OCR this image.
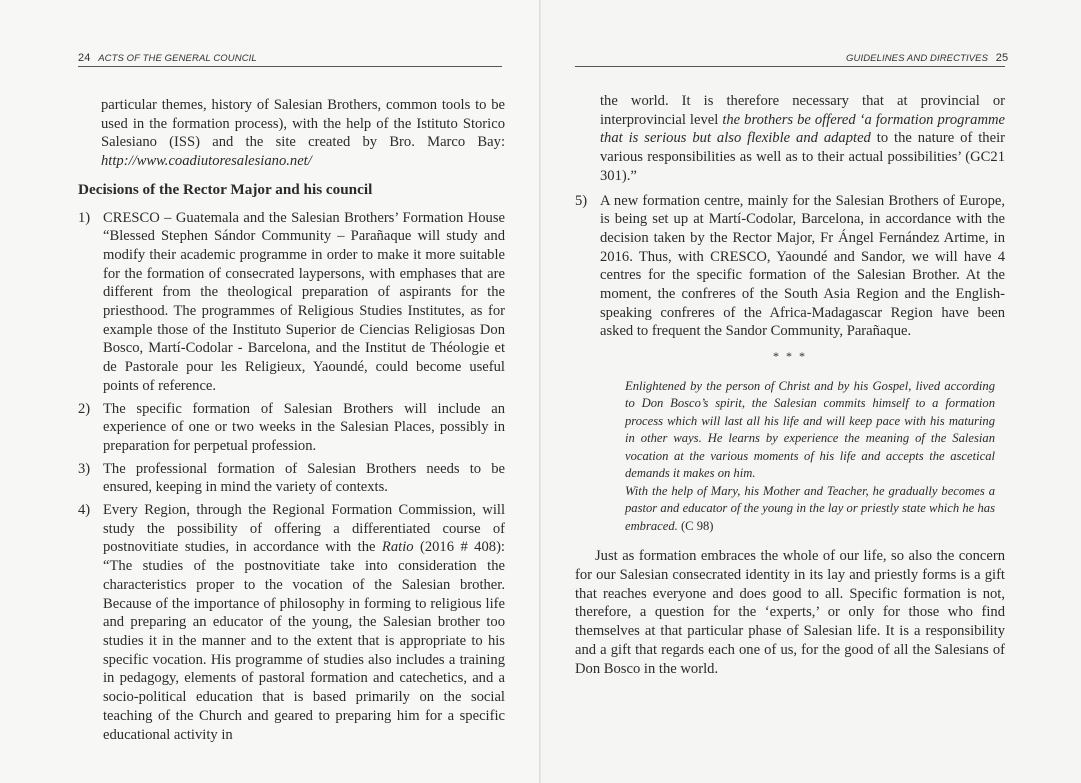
24 ACTS OF THE GENERAL COUNCIL

particular themes, history of Salesian Brothers, common tools to be used in the formation process), with the help of the Istituto Storico Salesiano (ISS) and the site created by Bro. Marco Bay: http://www.coadiutoresalesiano.net/

Decisions of the Rector Major and his council
1) CRESCO – Guatemala and the Salesian Brothers’ Formation House “Blessed Stephen Sándor Community – Parañaque will study and modify their academic programme in order to make it more suitable for the formation of consecrated laypersons, with emphases that are different from the theological preparation of aspirants for the priesthood. The programmes of Religious Studies Institutes, as for example those of the Instituto Superior de Ciencias Religiosas Don Bosco, Martí-Codolar - Barcelona, and the Institut de Théologie et de Pastorale pour les Religieux, Yaoundé, could become useful points of reference.
2) The specific formation of Salesian Brothers will include an experience of one or two weeks in the Salesian Places, possibly in preparation for perpetual profession.
3) The professional formation of Salesian Brothers needs to be ensured, keeping in mind the variety of contexts.
4) Every Region, through the Regional Formation Commission, will study the possibility of offering a differentiated course of postnovitiate studies, in accordance with the Ratio (2016 # 408): “The studies of the postnovitiate take into consideration the characteristics proper to the vocation of the Salesian brother. Because of the importance of philosophy in forming to religious life and preparing an educator of the young, the Salesian brother too studies it in the manner and to the extent that is appropriate to his specific vocation. His programme of studies also includes a training in pedagogy, elements of pastoral formation and catechetics, and a socio-political education that is based primarily on the social teaching of the Church and geared to preparing him for a specific educational activity in
GUIDELINES AND DIRECTIVES 25

the world. It is therefore necessary that at provincial or interprovincial level the brothers be offered ‘a formation programme that is serious but also flexible and adapted to the nature of their various responsibilities as well as to their actual possibilities’ (GC21 301).”

5) A new formation centre, mainly for the Salesian Brothers of Europe, is being set up at Martí-Codolar, Barcelona, in accordance with the decision taken by the Rector Major, Fr Ángel Fernández Artime, in 2016. Thus, with CRESCO, Yaoundé and Sandor, we will have 4 centres for the specific formation of the Salesian Brother. At the moment, the confreres of the South Asia Region and the English-speaking confreres of the Africa-Madagascar Region have been asked to frequent the Sandor Community, Parañaque.
* * *

Enlightened by the person of Christ and by his Gospel, lived according to Don Bosco’s spirit, the Salesian commits himself to a formation process which will last all his life and will keep pace with his maturing in other ways. He learns by experience the meaning of the Salesian vocation at the various moments of his life and accepts the ascetical demands it makes on him.

With the help of Mary, his Mother and Teacher, he gradually becomes a pastor and educator of the young in the lay or priestly state which he has embraced. (C 98)

Just as formation embraces the whole of our life, so also the concern for our Salesian consecrated identity in its lay and priestly forms is a gift that reaches everyone and does good to all. Specific formation is not, therefore, a question for the ‘experts,’ or only for those who find themselves at that particular phase of Salesian life. It is a responsibility and a gift that regards each one of us, for the good of all the Salesians of Don Bosco in the world.
